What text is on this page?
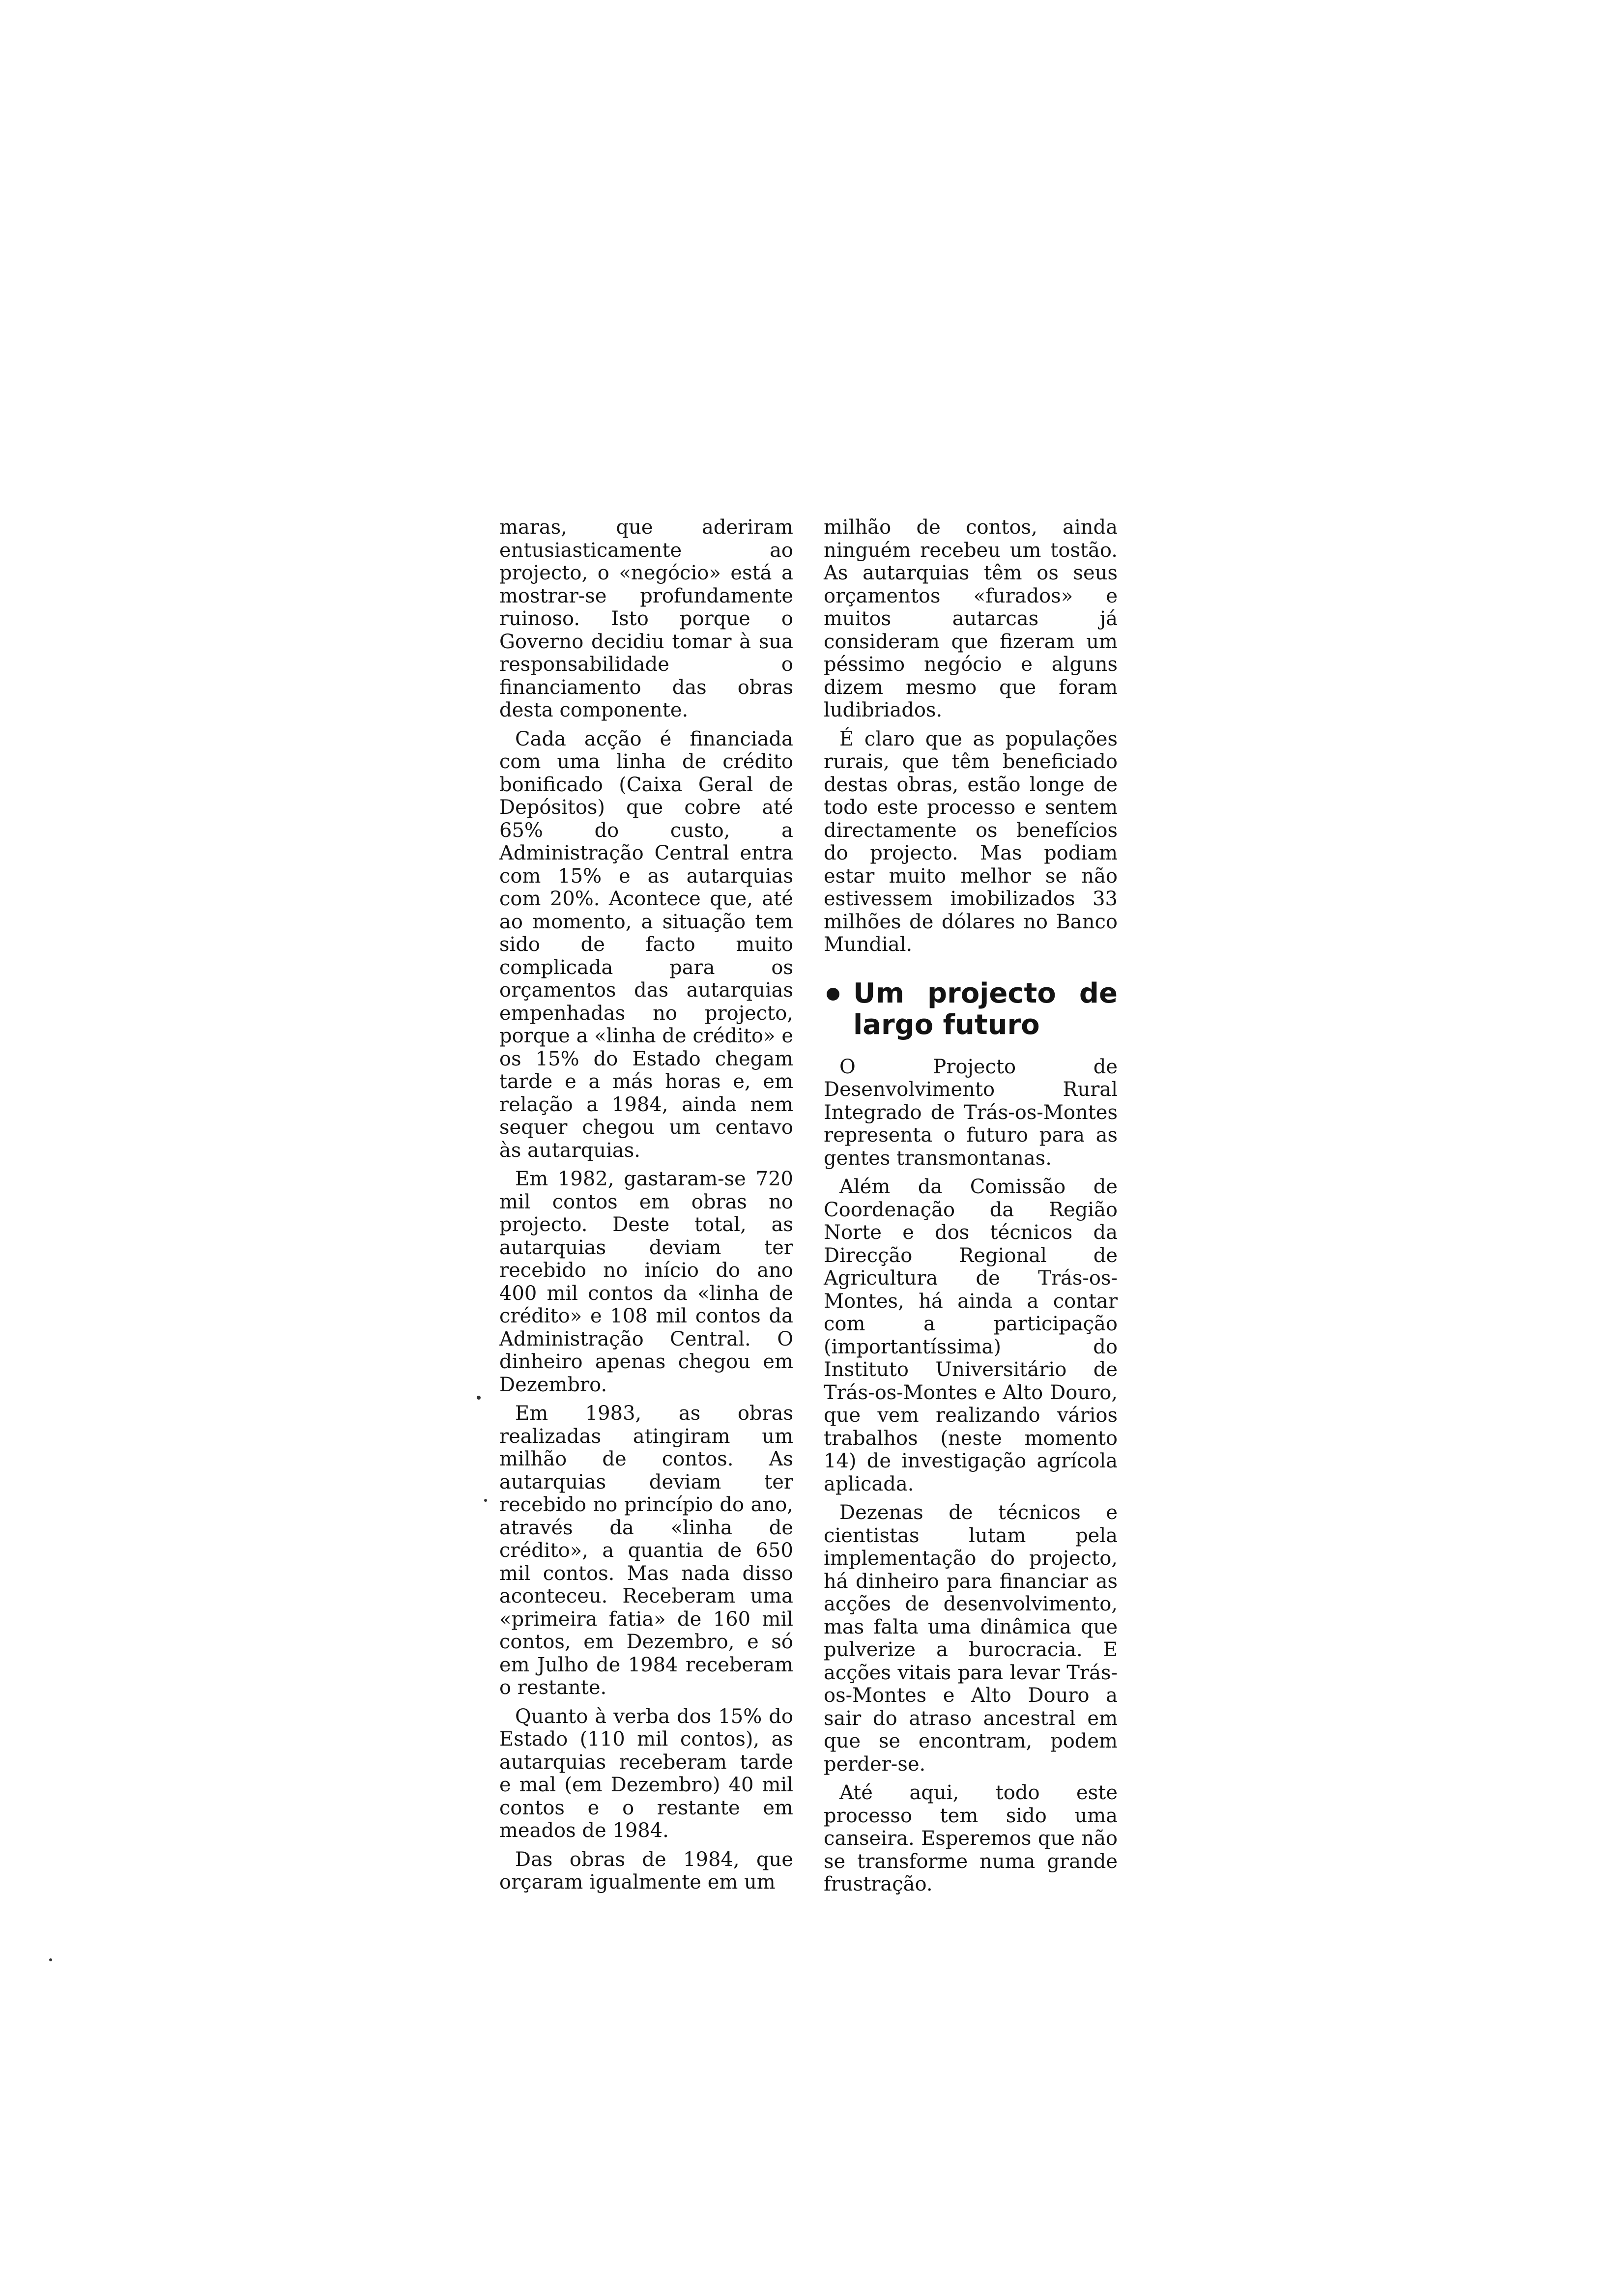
maras, que aderiram entusiasticamente ao projecto, o «negócio» está a mostrar-se profundamente ruinoso. Isto porque o Governo decidiu tomar à sua responsabilidade o financiamento das obras desta componente.

Cada acção é financiada com uma linha de crédito bonificado (Caixa Geral de Depósitos) que cobre até 65% do custo, a Administração Central entra com 15% e as autarquias com 20%. Acontece que, até ao momento, a situação tem sido de facto muito complicada para os orçamentos das autarquias empenhadas no projecto, porque a «linha de crédito» e os 15% do Estado chegam tarde e a más horas e, em relação a 1984, ainda nem sequer chegou um centavo às autarquias.

Em 1982, gastaram-se 720 mil contos em obras no projecto. Deste total, as autarquias deviam ter recebido no início do ano 400 mil contos da «linha de crédito» e 108 mil contos da Administração Central. O dinheiro apenas chegou em Dezembro.

Em 1983, as obras realizadas atingiram um milhão de contos. As autarquias deviam ter recebido no princípio do ano, através da «linha de crédito», a quantia de 650 mil contos. Mas nada disso aconteceu. Receberam uma «primeira fatia» de 160 mil contos, em Dezembro, e só em Julho de 1984 receberam o restante.

Quanto à verba dos 15% do Estado (110 mil contos), as autarquias receberam tarde e mal (em Dezembro) 40 mil contos e o restante em meados de 1984.

Das obras de 1984, que orçaram igualmente em um

milhão de contos, ainda ninguém recebeu um tostão. As autarquias têm os seus orçamentos «furados» e muitos autarcas já consideram que fizeram um péssimo negócio e alguns dizem mesmo que foram ludibriados.

É claro que as populações rurais, que têm beneficiado destas obras, estão longe de todo este processo e sentem directamente os benefícios do projecto. Mas podiam estar muito melhor se não estivessem imobilizados 33 milhões de dólares no Banco Mundial.

Um projecto de largo futuro

O Projecto de Desenvolvimento Rural Integrado de Trás-os-Montes representa o futuro para as gentes transmontanas.

Além da Comissão de Coordenação da Região Norte e dos técnicos da Direcção Regional de Agricultura de Trás-os-Montes, há ainda a contar com a participação (importantíssima) do Instituto Universitário de Trás-os-Montes e Alto Douro, que vem realizando vários trabalhos (neste momento 14) de investigação agrícola aplicada.

Dezenas de técnicos e cientistas lutam pela implementação do projecto, há dinheiro para financiar as acções de desenvolvimento, mas falta uma dinâmica que pulverize a burocracia. E acções vitais para levar Trás-os-Montes e Alto Douro a sair do atraso ancestral em que se encontram, podem perder-se.

Até aqui, todo este processo tem sido uma canseira. Esperemos que não se transforme numa grande frustração.
